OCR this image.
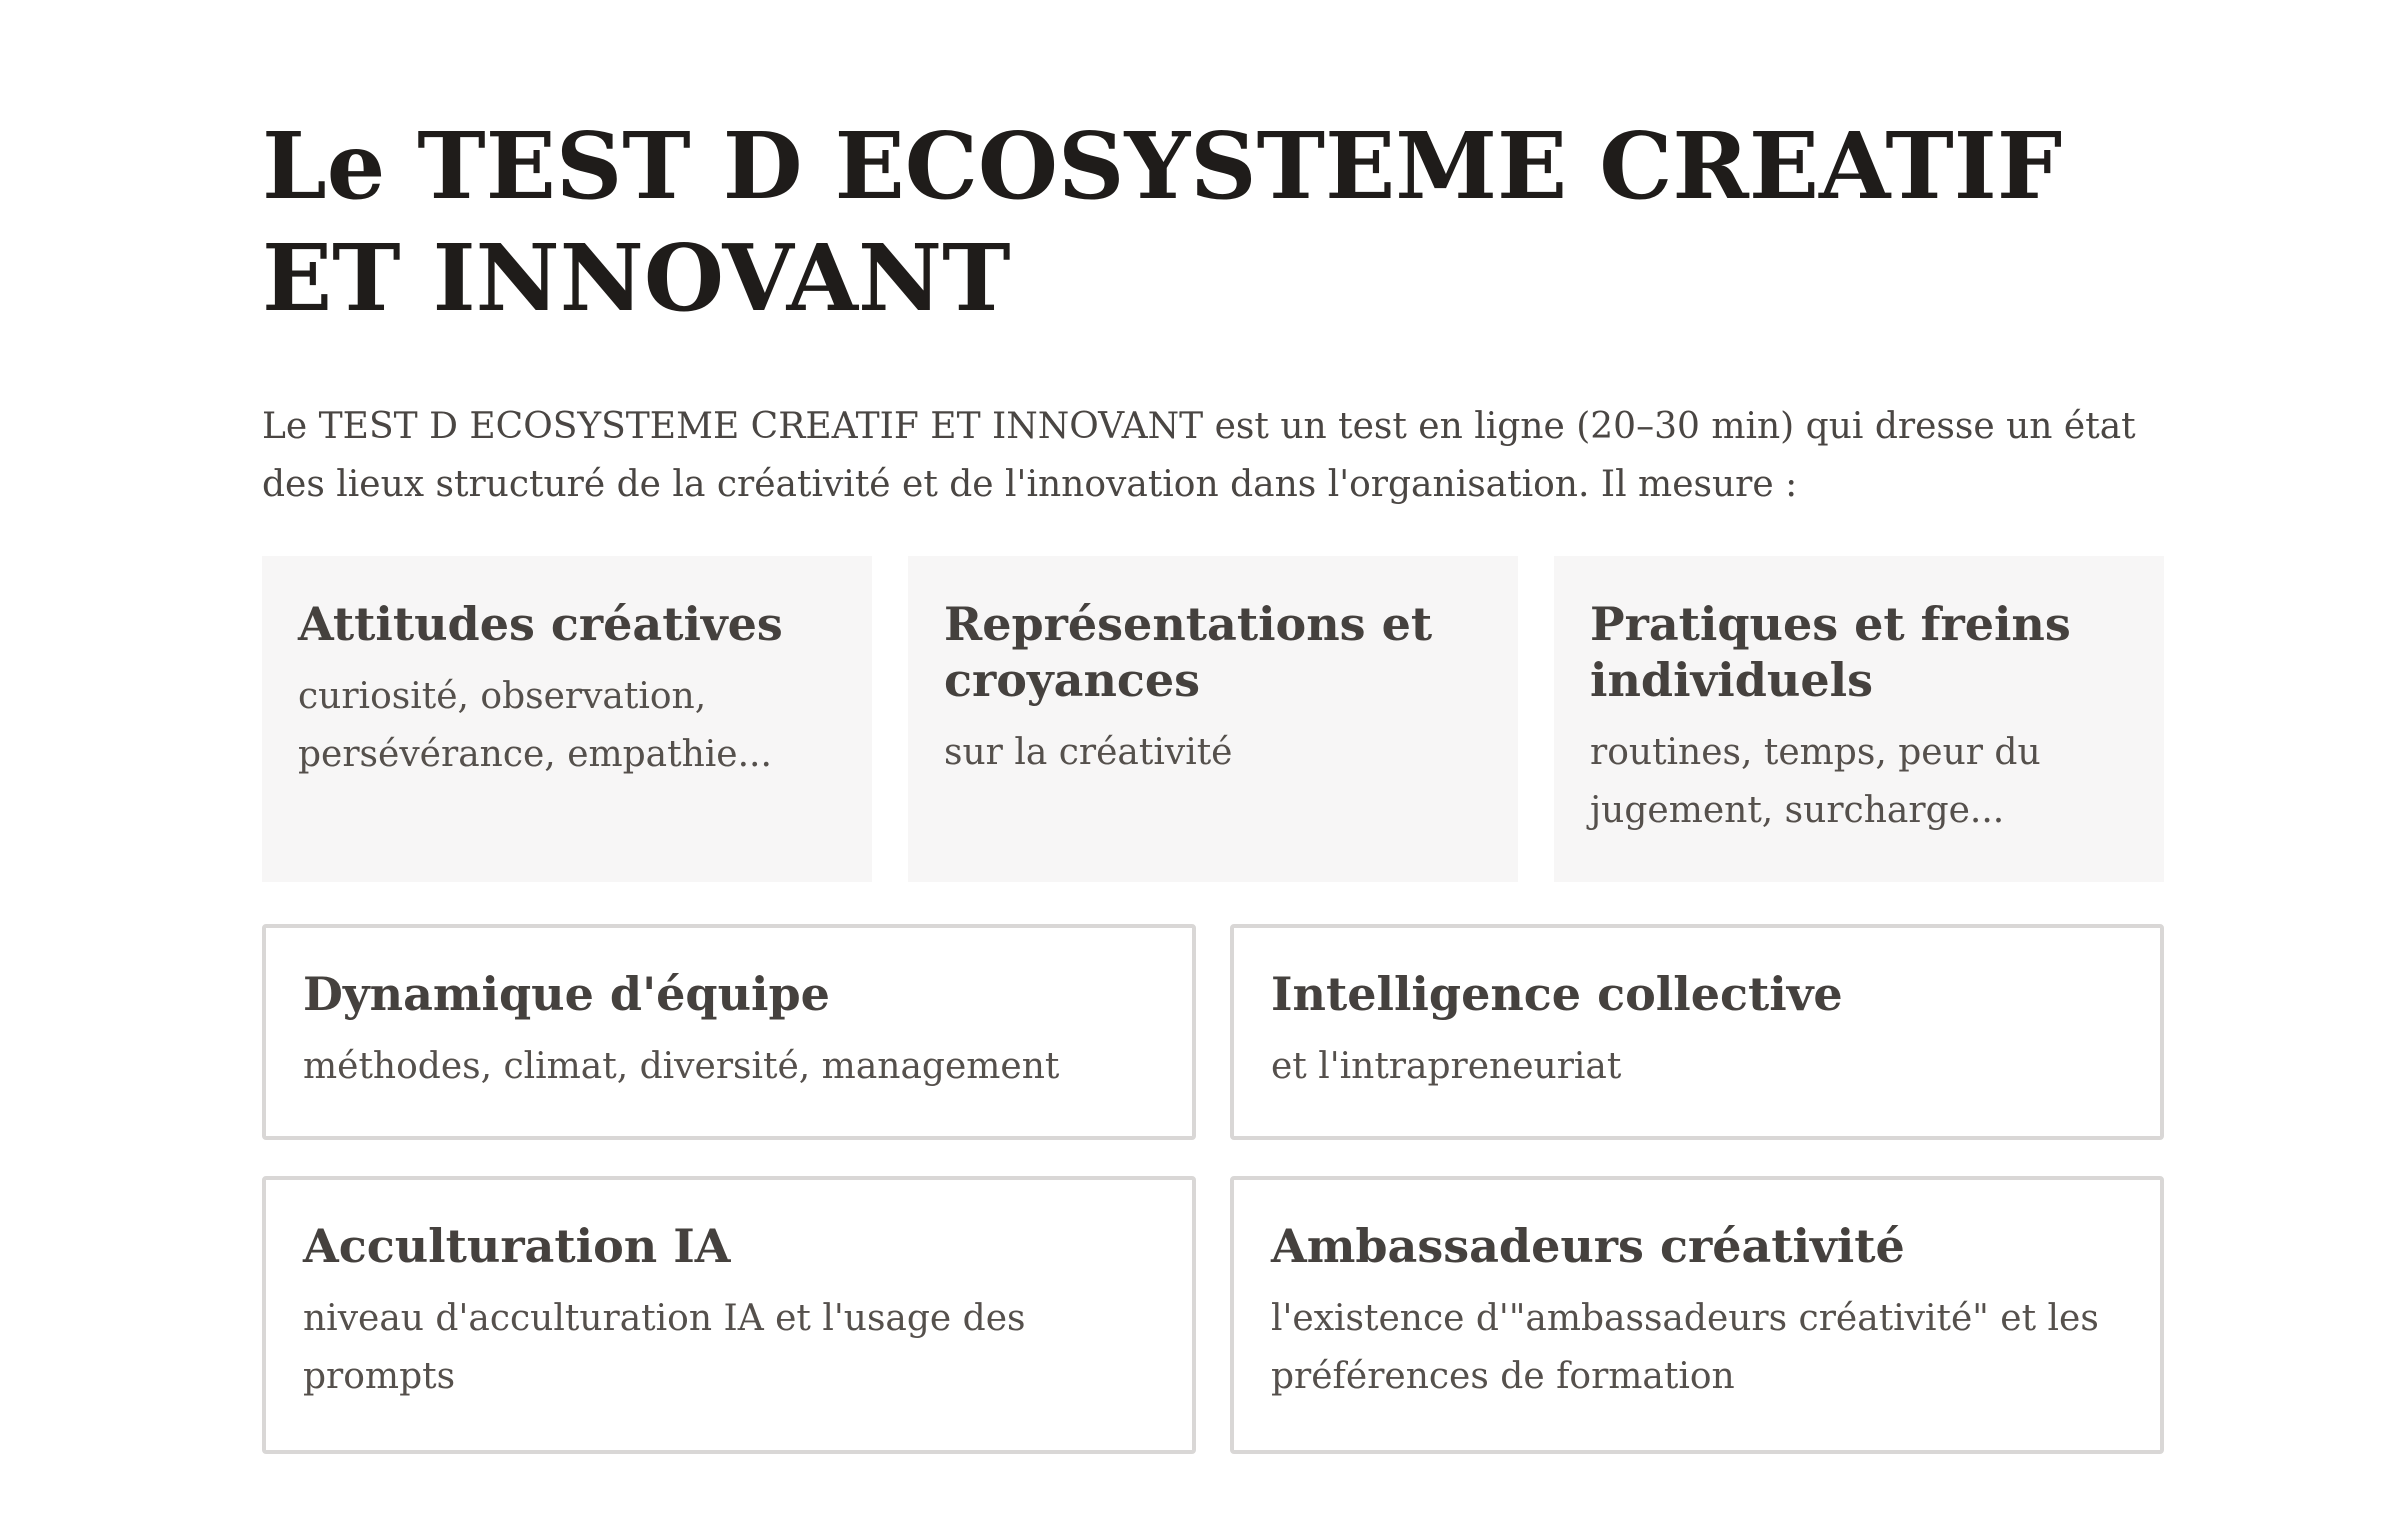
Le TEST D ECOSYSTEME CREATIF ET INNOVANT

Le TEST D ECOSYSTEME CREATIF ET INNOVANT est un test en ligne (20–30 min) qui dresse un état des lieux structuré de la créativité et de l'innovation dans l'organisation. Il mesure :

Attitudes créatives

curiosité, observation, persévérance, empathie...

Représentations et croyances

sur la créativité

Pratiques et freins individuels

routines, temps, peur du jugement, surcharge...

Dynamique d'équipe

méthodes, climat, diversité, management

Intelligence collective

et l'intrapreneuriat

Acculturation IA

niveau d'acculturation IA et l'usage des prompts

Ambassadeurs créativité

l'existence d'"ambassadeurs créativité" et les préférences de formation
